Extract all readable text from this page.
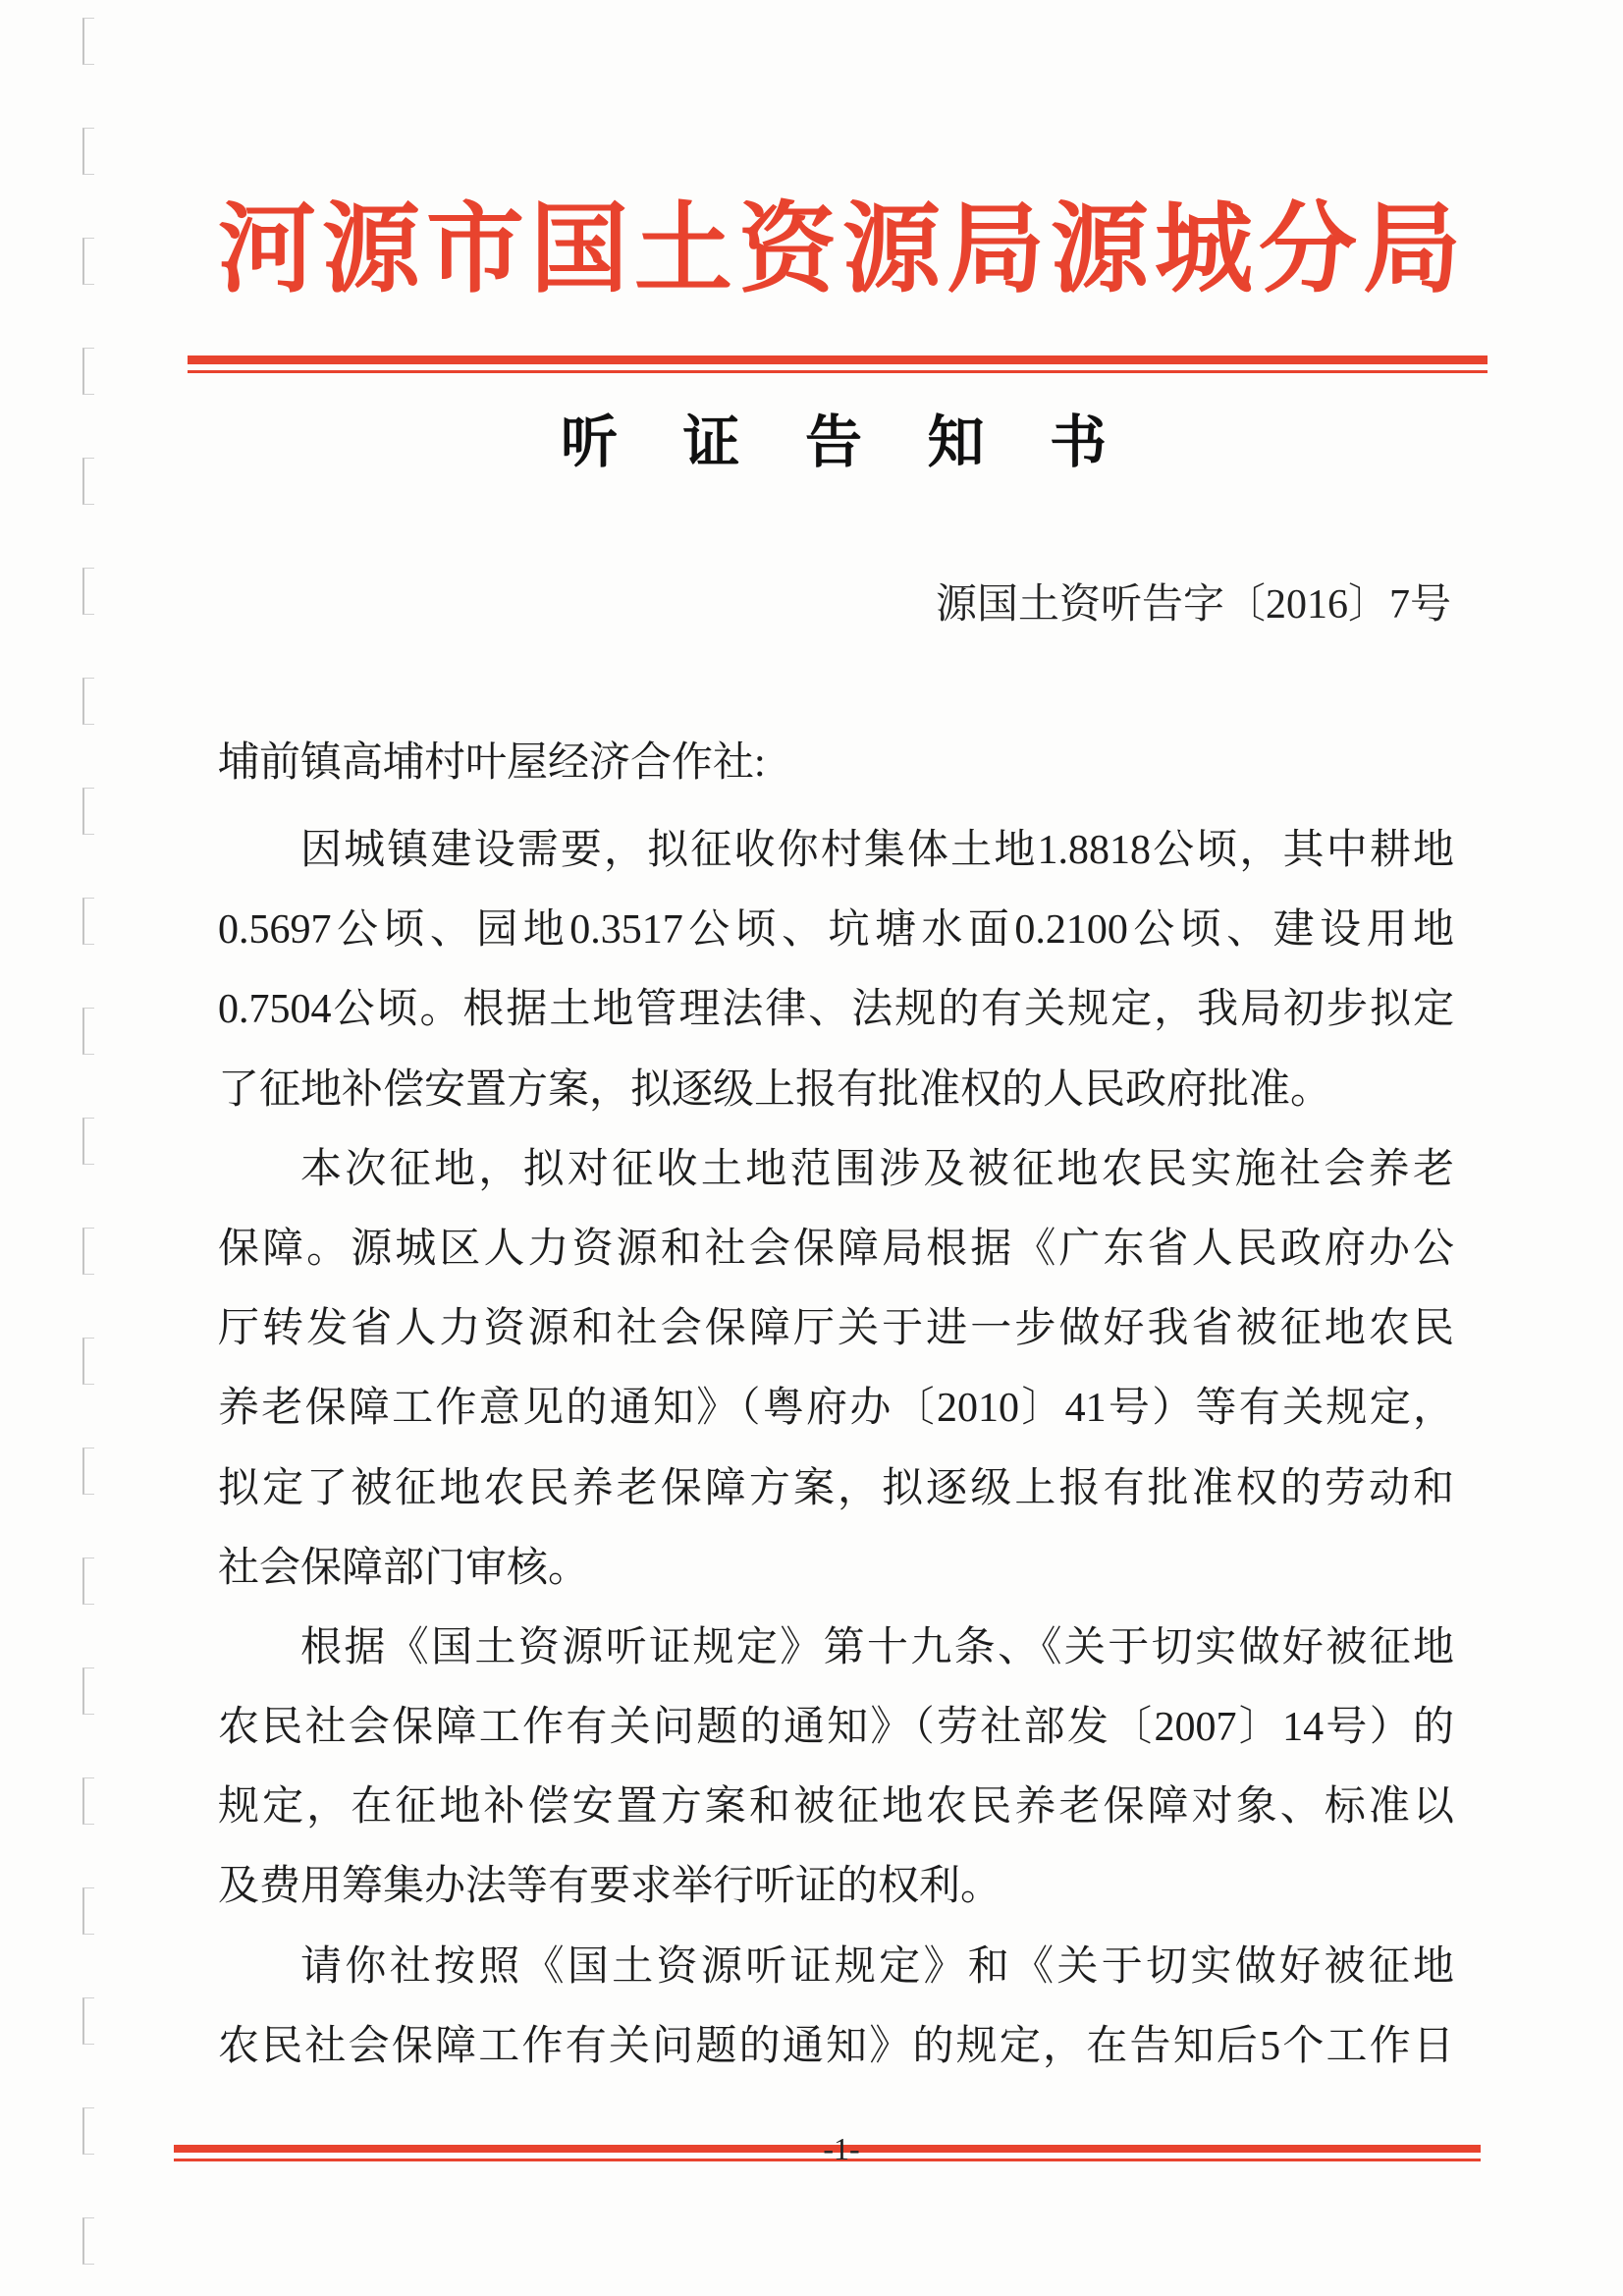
河源市国土资源局源城分局
听 证 告 知 书
源国土资听告字〔2016〕7号
埔前镇高埔村叶屋经济合作社:
因城镇建设需要，拟征收你村集体土地1.8818公顷，其中耕地
0.5697公顷、园地0.3517公顷、坑塘水面0.2100公顷、建设用地
0.7504公顷。根据土地管理法律、法规的有关规定，我局初步拟定
了征地补偿安置方案，拟逐级上报有批准权的人民政府批准。
本次征地，拟对征收土地范围涉及被征地农民实施社会养老
保障。源城区人力资源和社会保障局根据《广东省人民政府办公
厅转发省人力资源和社会保障厅关于进一步做好我省被征地农民
养老保障工作意见的通知》（粤府办〔2010〕41号）等有关规定，
拟定了被征地农民养老保障方案，拟逐级上报有批准权的劳动和
社会保障部门审核。
根据《国土资源听证规定》第十九条、《关于切实做好被征地
农民社会保障工作有关问题的通知》（劳社部发〔2007〕14号）的
规定，在征地补偿安置方案和被征地农民养老保障对象、标准以
及费用筹集办法等有要求举行听证的权利。
请你社按照《国土资源听证规定》和《关于切实做好被征地
农民社会保障工作有关问题的通知》的规定，在告知后5个工作日
-1-
